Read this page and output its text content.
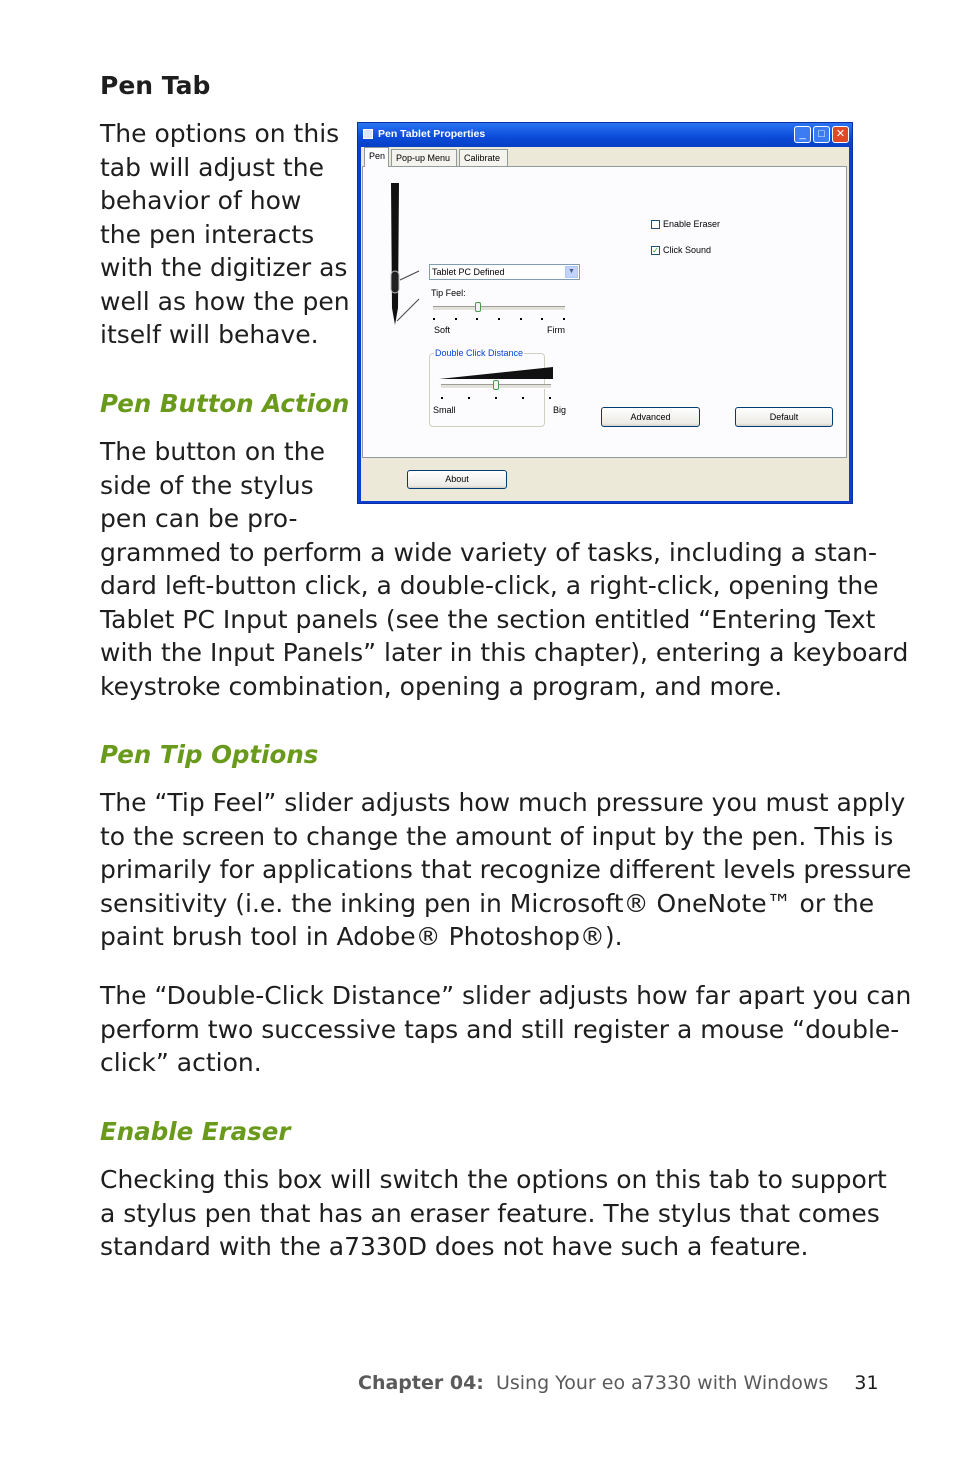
Pen Tab
The options on this
tab will adjust the
behavior of how
the pen interacts
with the digitizer as
well as how the pen
itself will behave.
Pen Button Action
The button on the
side of the stylus
pen can be pro-
grammed to perform a wide variety of tasks, including a stan-
dard left-button click, a double-click, a right-click, opening the
Tablet PC Input panels (see the section entitled “Entering Text
with the Input Panels” later in this chapter), entering a keyboard
keystroke combination, opening a program, and more.
Pen Tip Options
The “Tip Feel” slider adjusts how much pressure you must apply
to the screen to change the amount of input by the pen. This is
primarily for applications that recognize different levels pressure
sensitivity (i.e. the inking pen in Microsoft® OneNote™ or the
paint brush tool in Adobe® Photoshop®).
The “Double-Click Distance” slider adjusts how far apart you can
perform two successive taps and still register a mouse “double-
click” action.
Enable Eraser
Checking this box will switch the options on this tab to support
a stylus pen that has an eraser feature. The stylus that comes
standard with the a7330D does not have such a feature.
Chapter 04: Using Your eo a7330 with Windows 31
Pen Tablet Properties	_	□	✕
Pen	Pop-up Menu	Calibrate
Tablet PC Defined	▼
Tip Feel:
Soft	Firm
Double Click Distance
Small	Big
Enable Eraser
✓ Click Sound
Advanced	Default
About
